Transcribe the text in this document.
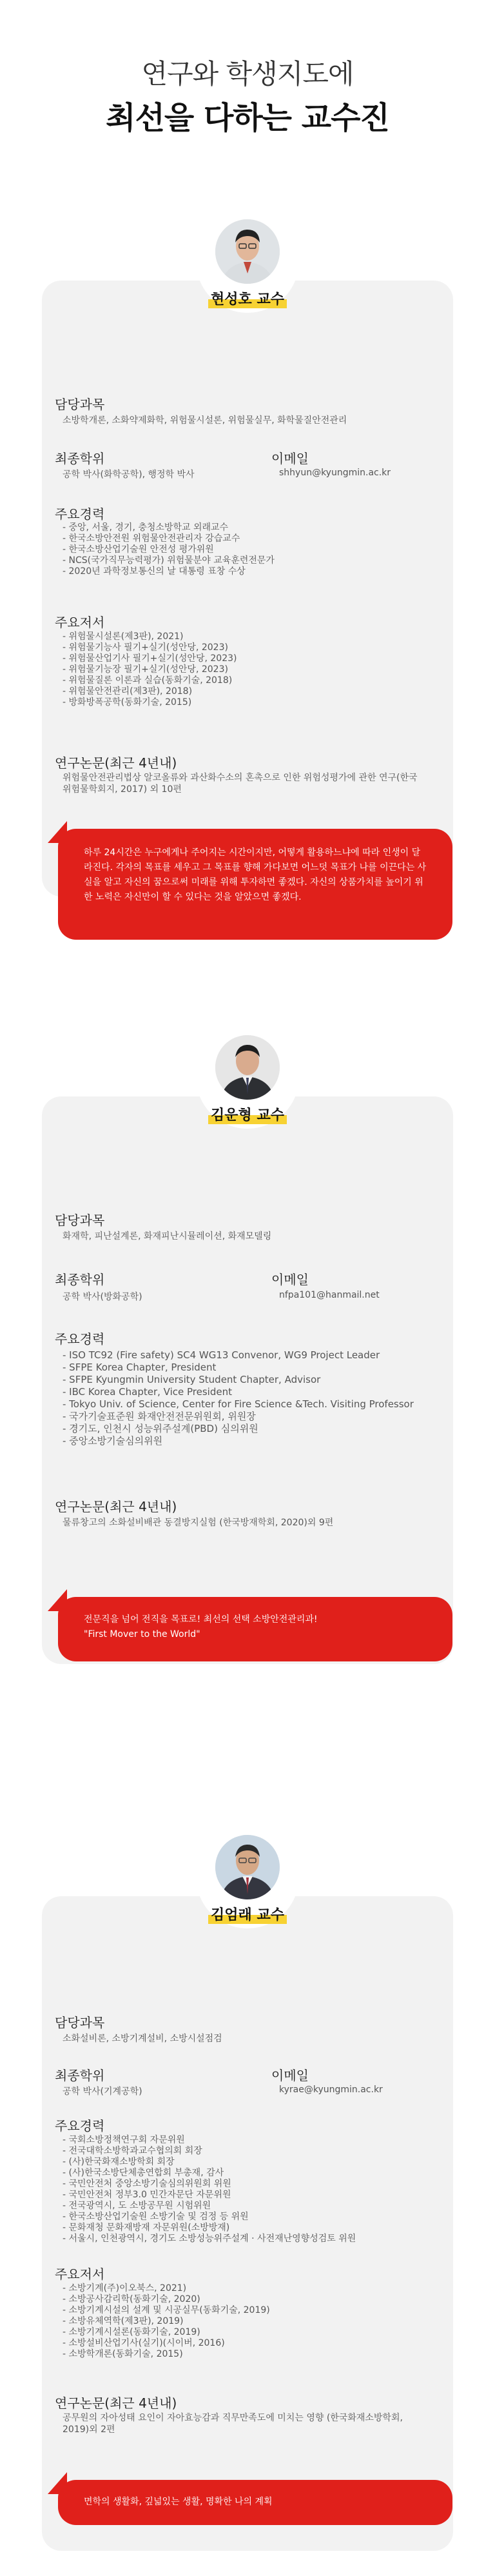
연구와 학생지도에
최선을 다하는 교수진
현성호 교수
담당과목
소방학개론, 소화약제화학, 위험물시설론, 위험물실무, 화학물질안전관리
최종학위
공학 박사(화학공학), 행정학 박사
이메일
shhyun@kyungmin.ac.kr
주요경력
- 중앙, 서울, 경기, 충청소방학교 외래교수
- 한국소방안전원 위험물안전관리자 강습교수
- 한국소방산업기술원 안전성 평가위원
- NCS(국가직무능력평가) 위험물분야 교육훈련전문가
- 2020년 과학정보통신의 날 대통령 표창 수상
주요저서
- 위험물시설론(제3판), 2021)
- 위험물기능사 필기+실기(성안당, 2023)
- 위험물산업기사 필기+실기(성안당, 2023)
- 위험물기능장 필기+실기(성안당, 2023)
- 위험물질론 이론과 실습(동화기술, 2018)
- 위험물안전관리(제3판), 2018)
- 방화방폭공학(동화기술, 2015)
연구논문(최근 4년내)
위험물안전관리법상 알코올류와 과산화수소의 혼촉으로 인한 위험성평가에 관한 연구(한국위험물학회지, 2017) 외 10편
하루 24시간은 누구에게나 주어지는 시간이지만, 어떻게 활용하느냐에 따라 인생이 달라진다. 각자의 목표를 세우고 그 목표를 향해 가다보면 어느덧 목표가 나를 이끈다는 사실을 알고 자신의 꿈으로써 미래를 위해 투자하면 좋겠다. 자신의 상품가치를 높이기 위한 노력은 자신만이 할 수 있다는 것을 알았으면 좋겠다.
김운형 교수
담당과목
화재학, 피난설계론, 화재피난시뮬레이션, 화재모델링
최종학위
공학 박사(방화공학)
이메일
nfpa101@hanmail.net
주요경력
- ISO TC92 (Fire safety) SC4 WG13 Convenor, WG9 Project Leader
- SFPE Korea Chapter, President
- SFPE Kyungmin University Student Chapter, Advisor
- IBC Korea Chapter, Vice President
- Tokyo Univ. of Science, Center for Fire Science &Tech. Visiting Professor
- 국가기술표준원 화재안전전문위원회, 위원장
- 경기도, 인천시 성능위주설계(PBD) 심의위원
- 중앙소방기술심의위원
연구논문(최근 4년내)
물류창고의 소화설비배관 동결방지실험 (한국방재학회, 2020)외 9편
전문직을 넘어 전직을 목표로! 최선의 선택 소방안전관리과!
"First Mover to the World"
김엄래 교수
담당과목
소화설비론, 소방기계설비, 소방시설점검
최종학위
공학 박사(기계공학)
이메일
kyrae@kyungmin.ac.kr
주요경력
- 국회소방정책연구회 자문위원
- 전국대학소방학과교수협의회 회장
- (사)한국화재소방학회 회장
- (사)한국소방단체총연합회 부총재, 감사
- 국민안전처 중앙소방기술심의위원회 위원
- 국민안전처 정부3.0 민간자문단 자문위원
- 전국광역시, 도 소방공무원 시험위원
- 한국소방산업기술원 소방기술 및 검정 등 위원
- 문화재청 문화재방재 자문위원(소방방재)
- 서울시, 인천광역시, 경기도 소방성능위주설계 · 사전재난영향성검토 위원
주요저서
- 소방기계(주)이오북스, 2021)
- 소방공사감리학(동화기술, 2020)
- 소방기계시설의 설계 및 시공실무(동화기술, 2019)
- 소방유체역학(제3판), 2019)
- 소방기계시설론(동화기술, 2019)
- 소방설비산업기사(실기)(시이버, 2016)
- 소방학개론(동화기술, 2015)
연구논문(최근 4년내)
공무원의 자아성태 요인이 자아효능감과 직무만족도에 미치는 영향 (한국화재소방학회, 2019)외 2편
면학의 생활화, 깊넓있는 생활, 명확한 나의 계획
